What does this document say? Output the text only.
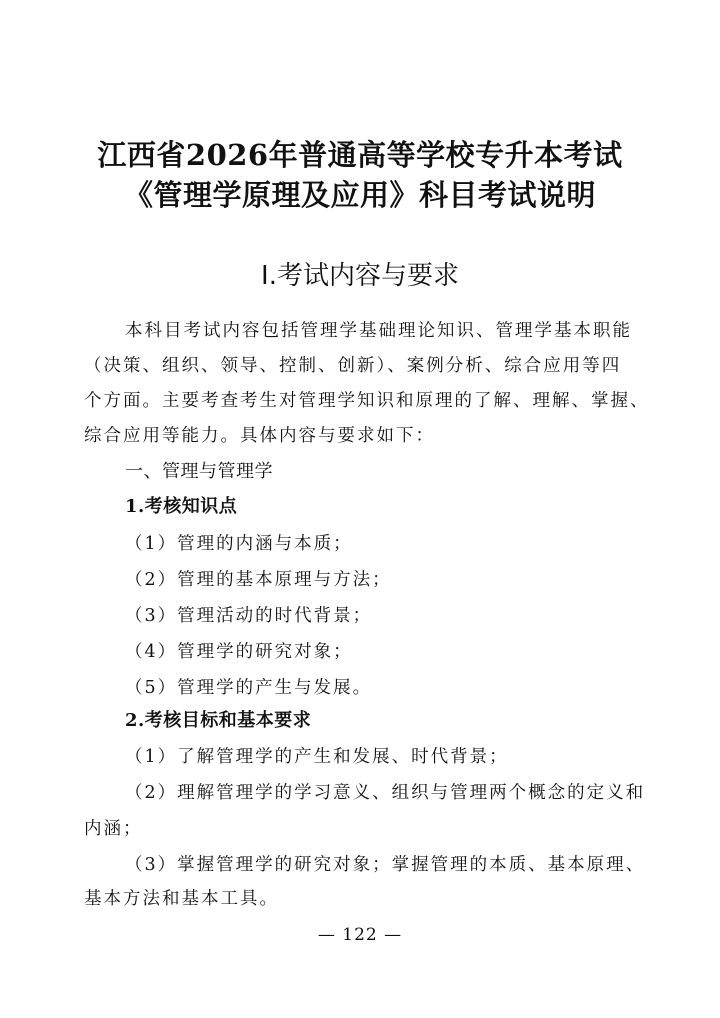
江西省2026年普通高等学校专升本考试
《管理学原理及应用》科目考试说明
Ⅰ.考试内容与要求
本科目考试内容包括管理学基础理论知识、管理学基本职能
（决策、组织、领导、控制、创新）、案例分析、综合应用等四
个方面。主要考查考生对管理学知识和原理的了解、理解、掌握、
综合应用等能力。具体内容与要求如下：
一、管理与管理学
1.考核知识点
（1）管理的内涵与本质；
（2）管理的基本原理与方法；
（3）管理活动的时代背景；
（4）管理学的研究对象；
（5）管理学的产生与发展。
2.考核目标和基本要求
（1）了解管理学的产生和发展、时代背景；
（2）理解管理学的学习意义、组织与管理两个概念的定义和
内涵；
（3）掌握管理学的研究对象；掌握管理的本质、基本原理、
基本方法和基本工具。
— 122 —
